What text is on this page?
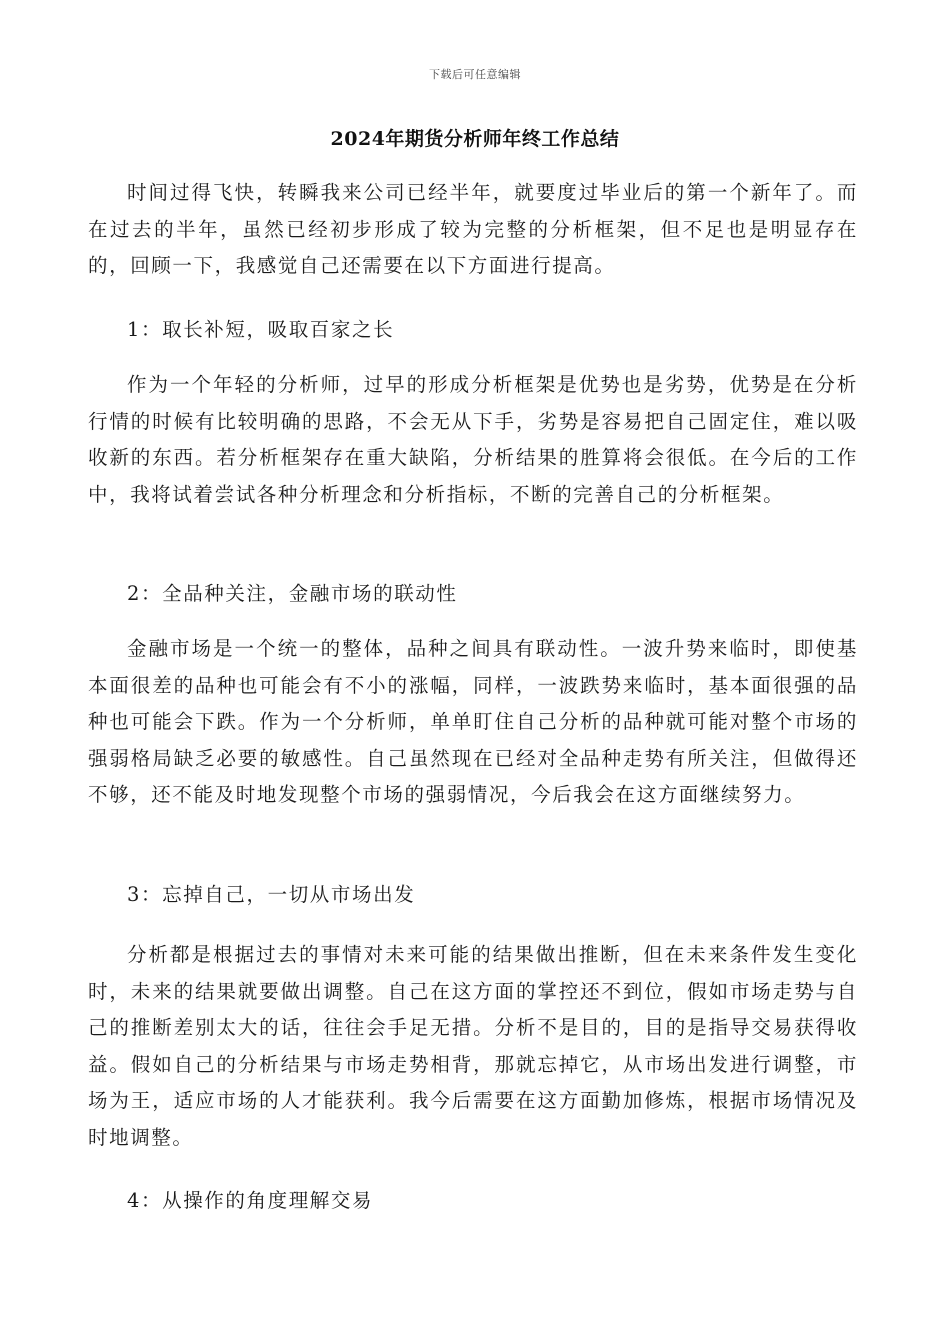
下载后可任意编辑
2024年期货分析师年终工作总结

时间过得飞快，转瞬我来公司已经半年，就要度过毕业后的第一个新年了。而在过去的半年，虽然已经初步形成了较为完整的分析框架，但不足也是明显存在的，回顾一下，我感觉自己还需要在以下方面进行提高。

1：取长补短，吸取百家之长

作为一个年轻的分析师，过早的形成分析框架是优势也是劣势，优势是在分析行情的时候有比较明确的思路，不会无从下手，劣势是容易把自己固定住，难以吸收新的东西。若分析框架存在重大缺陷，分析结果的胜算将会很低。在今后的工作中，我将试着尝试各种分析理念和分析指标，不断的完善自己的分析框架。

2：全品种关注，金融市场的联动性

金融市场是一个统一的整体，品种之间具有联动性。一波升势来临时，即使基本面很差的品种也可能会有不小的涨幅，同样，一波跌势来临时，基本面很强的品种也可能会下跌。作为一个分析师，单单盯住自己分析的品种就可能对整个市场的强弱格局缺乏必要的敏感性。自己虽然现在已经对全品种走势有所关注，但做得还不够，还不能及时地发现整个市场的强弱情况，今后我会在这方面继续努力。

3：忘掉自己，一切从市场出发

分析都是根据过去的事情对未来可能的结果做出推断，但在未来条件发生变化时，未来的结果就要做出调整。自己在这方面的掌控还不到位，假如市场走势与自己的推断差别太大的话，往往会手足无措。分析不是目的，目的是指导交易获得收益。假如自己的分析结果与市场走势相背，那就忘掉它，从市场出发进行调整，市场为王，适应市场的人才能获利。我今后需要在这方面勤加修炼，根据市场情况及时地调整。

4：从操作的角度理解交易
